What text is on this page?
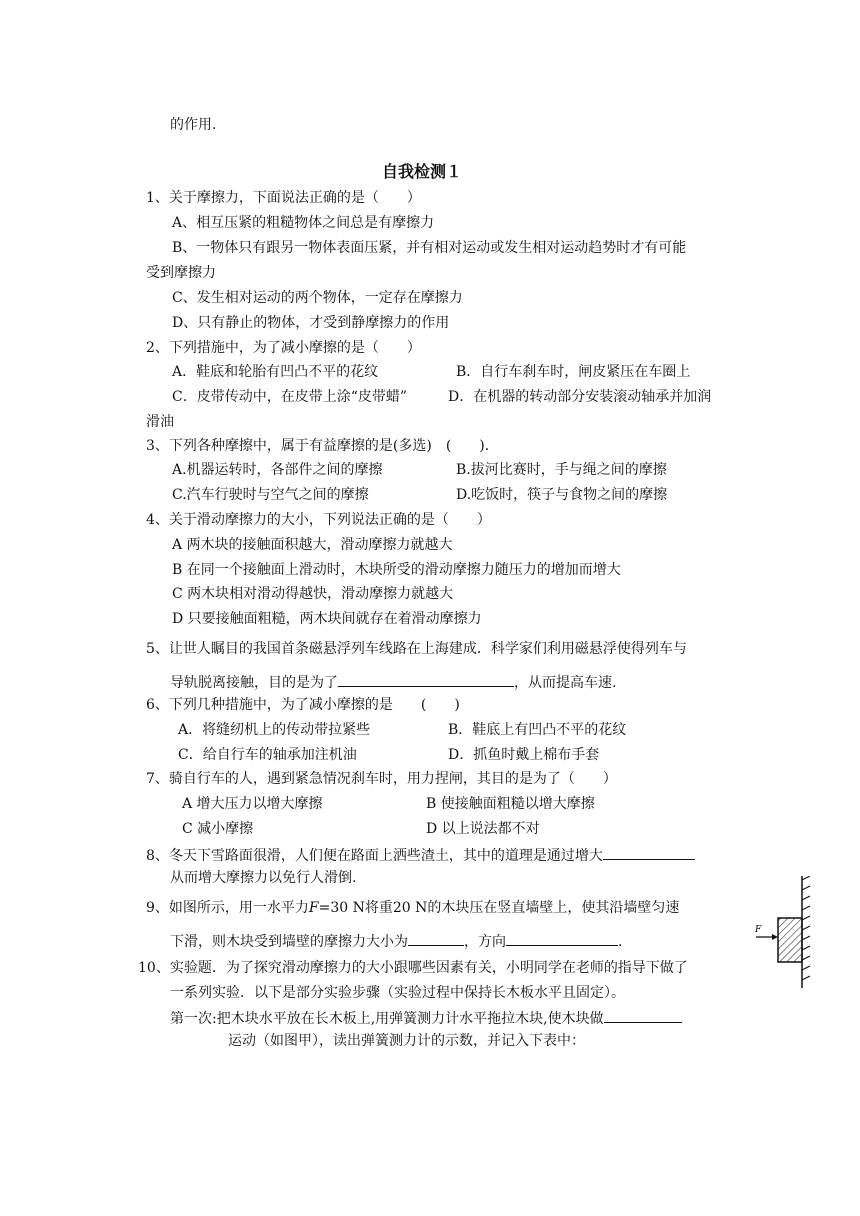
的作用.
自我检测１
1、关于摩擦力，下面说法正确的是（　　）
A、相互压紧的粗糙物体之间总是有摩擦力
B、一物体只有跟另一物体表面压紧，并有相对运动或发生相对运动趋势时才有可能
受到摩擦力
C、发生相对运动的两个物体，一定存在摩擦力
D、只有静止的物体，才受到静摩擦力的作用
2、下列措施中，为了减小摩擦的是（　　）
A．鞋底和轮胎有凹凸不平的花纹	B．自行车刹车时，闸皮紧压在车圈上
C．皮带传动中，在皮带上涂“皮带蜡”	D．在机器的转动部分安装滚动轴承并加润
滑油
3、下列各种摩擦中，属于有益摩擦的是(多选)　(　　)．
A.机器运转时，各部件之间的摩擦	B.拔河比赛时，手与绳之间的摩擦
C.汽车行驶时与空气之间的摩擦	D.吃饭时，筷子与食物之间的摩擦
4、关于滑动摩擦力的大小，下列说法正确的是（　　）
A 两木块的接触面积越大，滑动摩擦力就越大
B 在同一个接触面上滑动时，木块所受的滑动摩擦力随压力的增加而增大
C 两木块相对滑动得越快，滑动摩擦力就越大
D 只要接触面粗糙，两木块间就存在着滑动摩擦力
5、让世人瞩目的我国首条磁悬浮列车线路在上海建成．科学家们利用磁悬浮使得列车与
导轨脱离接触，目的是为了	，从而提高车速.
6、下列几种措施中，为了减小摩擦的是　　(　　)
A．将缝纫机上的传动带拉紧些	B．鞋底上有凹凸不平的花纹
C．给自行车的轴承加注机油	D．抓鱼时戴上棉布手套
7、骑自行车的人，遇到紧急情况刹车时，用力捏闸，其目的是为了（　　）
A 增大压力以增大摩擦	B 使接触面粗糙以增大摩擦
C 减小摩擦	D 以上说法都不对
8、冬天下雪路面很滑，人们便在路面上洒些渣土，其中的道理是通过增大
从而增大摩擦力以免行人滑倒.
9、如图所示，用一水平力F=30 N将重20 N的木块压在竖直墙壁上，使其沿墙壁匀速
下滑，则木块受到墙壁的摩擦力大小为	，方向	.
F
10、实验题．为了探究滑动摩擦力的大小跟哪些因素有关，小明同学在老师的指导下做了
一系列实验．以下是部分实验步骤（实验过程中保持长木板水平且固定）。
第一次:把木块水平放在长木板上,用弹簧测力计水平拖拉木块,使木块做
运动（如图甲），读出弹簧测力计的示数，并记入下表中：
